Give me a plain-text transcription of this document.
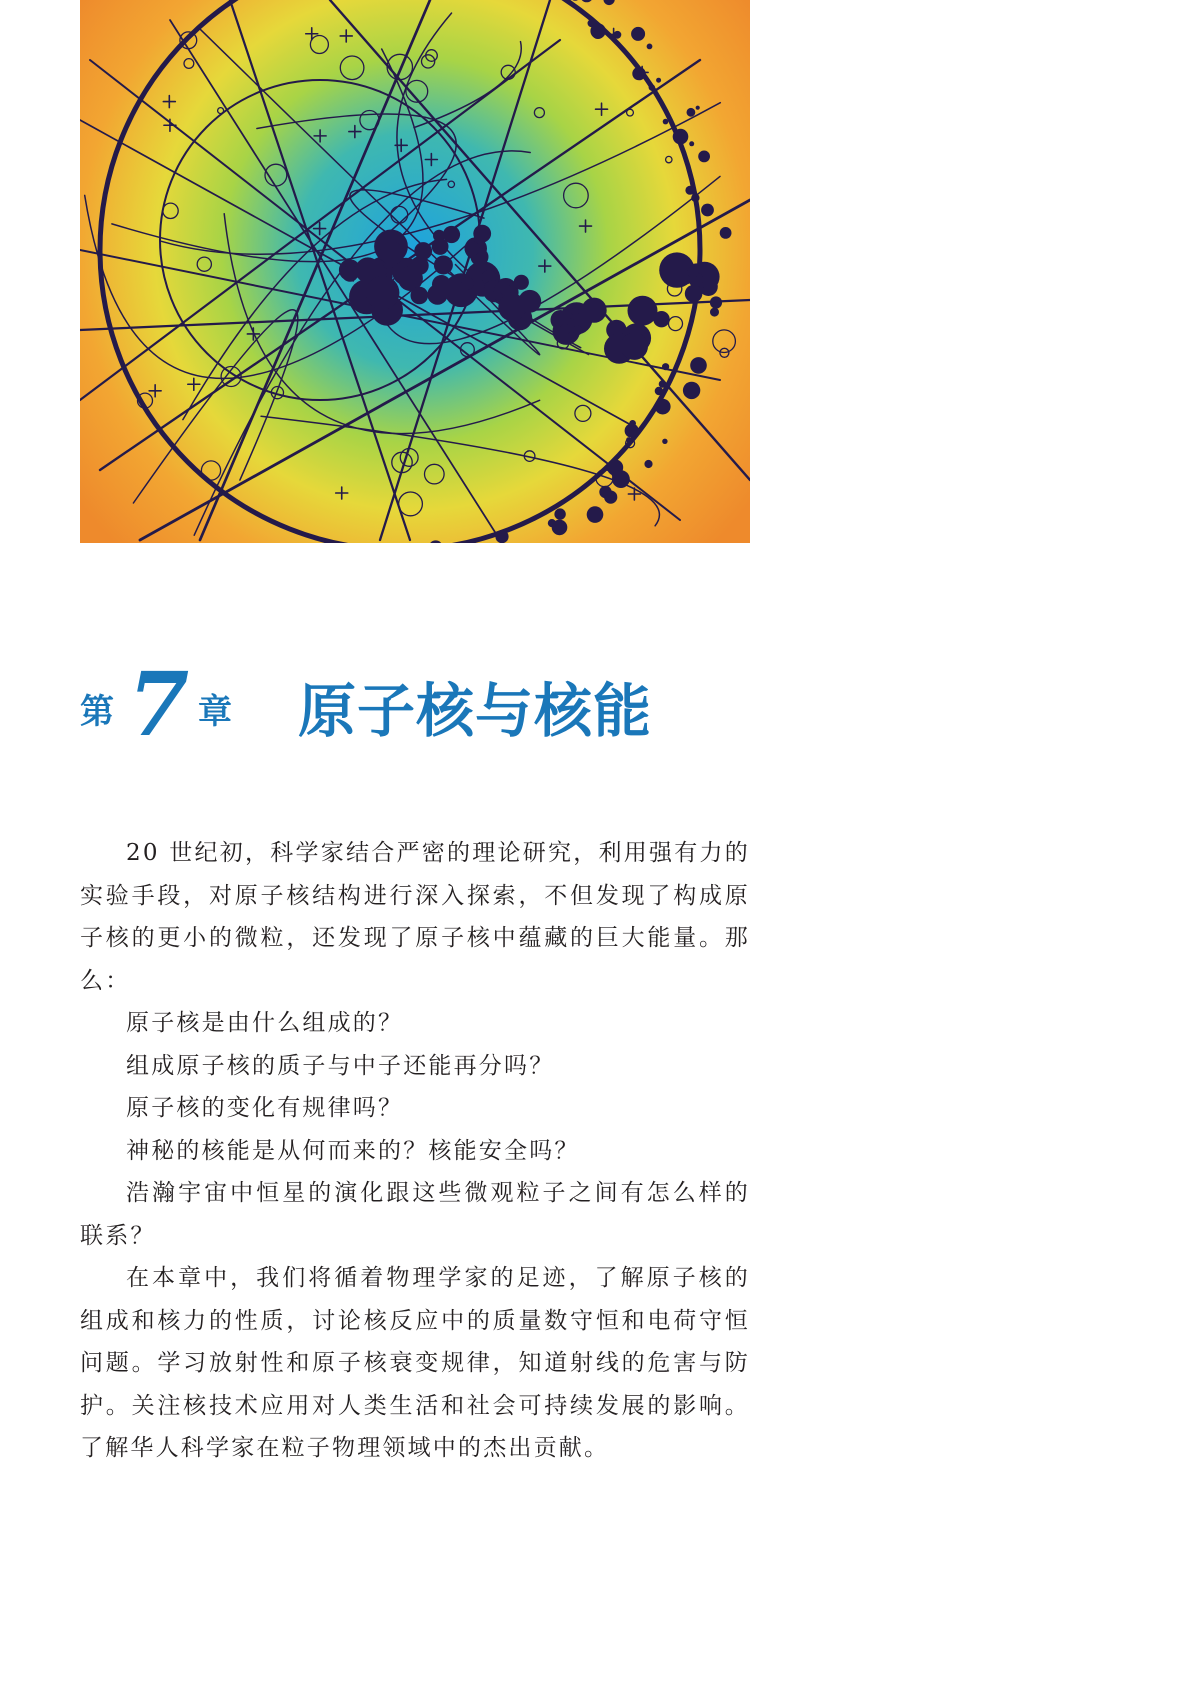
第 7 章 原子核与核能

20 世纪初，科学家结合严密的理论研究，利用强有力的实验手段，对原子核结构进行深入探索，不但发现了构成原子核的更小的微粒，还发现了原子核中蕴藏的巨大能量。那么：

原子核是由什么组成的？

组成原子核的质子与中子还能再分吗？

原子核的变化有规律吗？

神秘的核能是从何而来的？核能安全吗？

浩瀚宇宙中恒星的演化跟这些微观粒子之间有怎么样的联系？

在本章中，我们将循着物理学家的足迹，了解原子核的组成和核力的性质，讨论核反应中的质量数守恒和电荷守恒问题。学习放射性和原子核衰变规律，知道射线的危害与防护。关注核技术应用对人类生活和社会可持续发展的影响。了解华人科学家在粒子物理领域中的杰出贡献。
